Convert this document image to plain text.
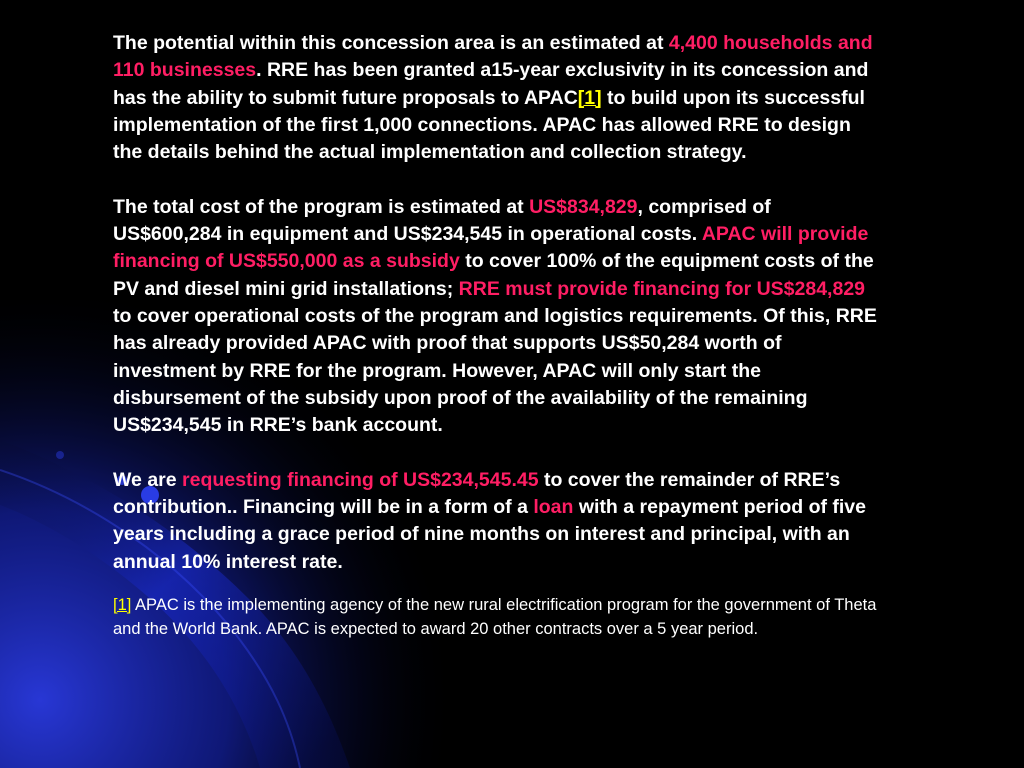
The potential within this concession area is an estimated at 4,400 households and 110 businesses. RRE has been granted a15-year exclusivity in its concession and has the ability to submit future proposals to APAC[1] to build upon its successful implementation of the first 1,000 connections. APAC has allowed RRE to design the details behind the actual implementation and collection strategy.

The total cost of the program is estimated at US$834,829, comprised of US$600,284 in equipment and US$234,545 in operational costs. APAC will provide financing of US$550,000 as a subsidy to cover 100% of the equipment costs of the PV and diesel mini grid installations; RRE must provide financing for US$284,829 to cover operational costs of the program and logistics requirements. Of this, RRE has already provided APAC with proof that supports US$50,284 worth of investment by RRE for the program. However, APAC will only start the disbursement of the subsidy upon proof of the availability of the remaining US$234,545 in RRE’s bank account.

We are requesting financing of US$234,545.45 to cover the remainder of RRE’s contribution.. Financing will be in a form of a loan with a repayment period of five years including a grace period of nine months on interest and principal, with an annual 10% interest rate.

[1] APAC is the implementing agency of the new rural electrification program for the government of Theta and the World Bank. APAC is expected to award 20 other contracts over a 5 year period.
